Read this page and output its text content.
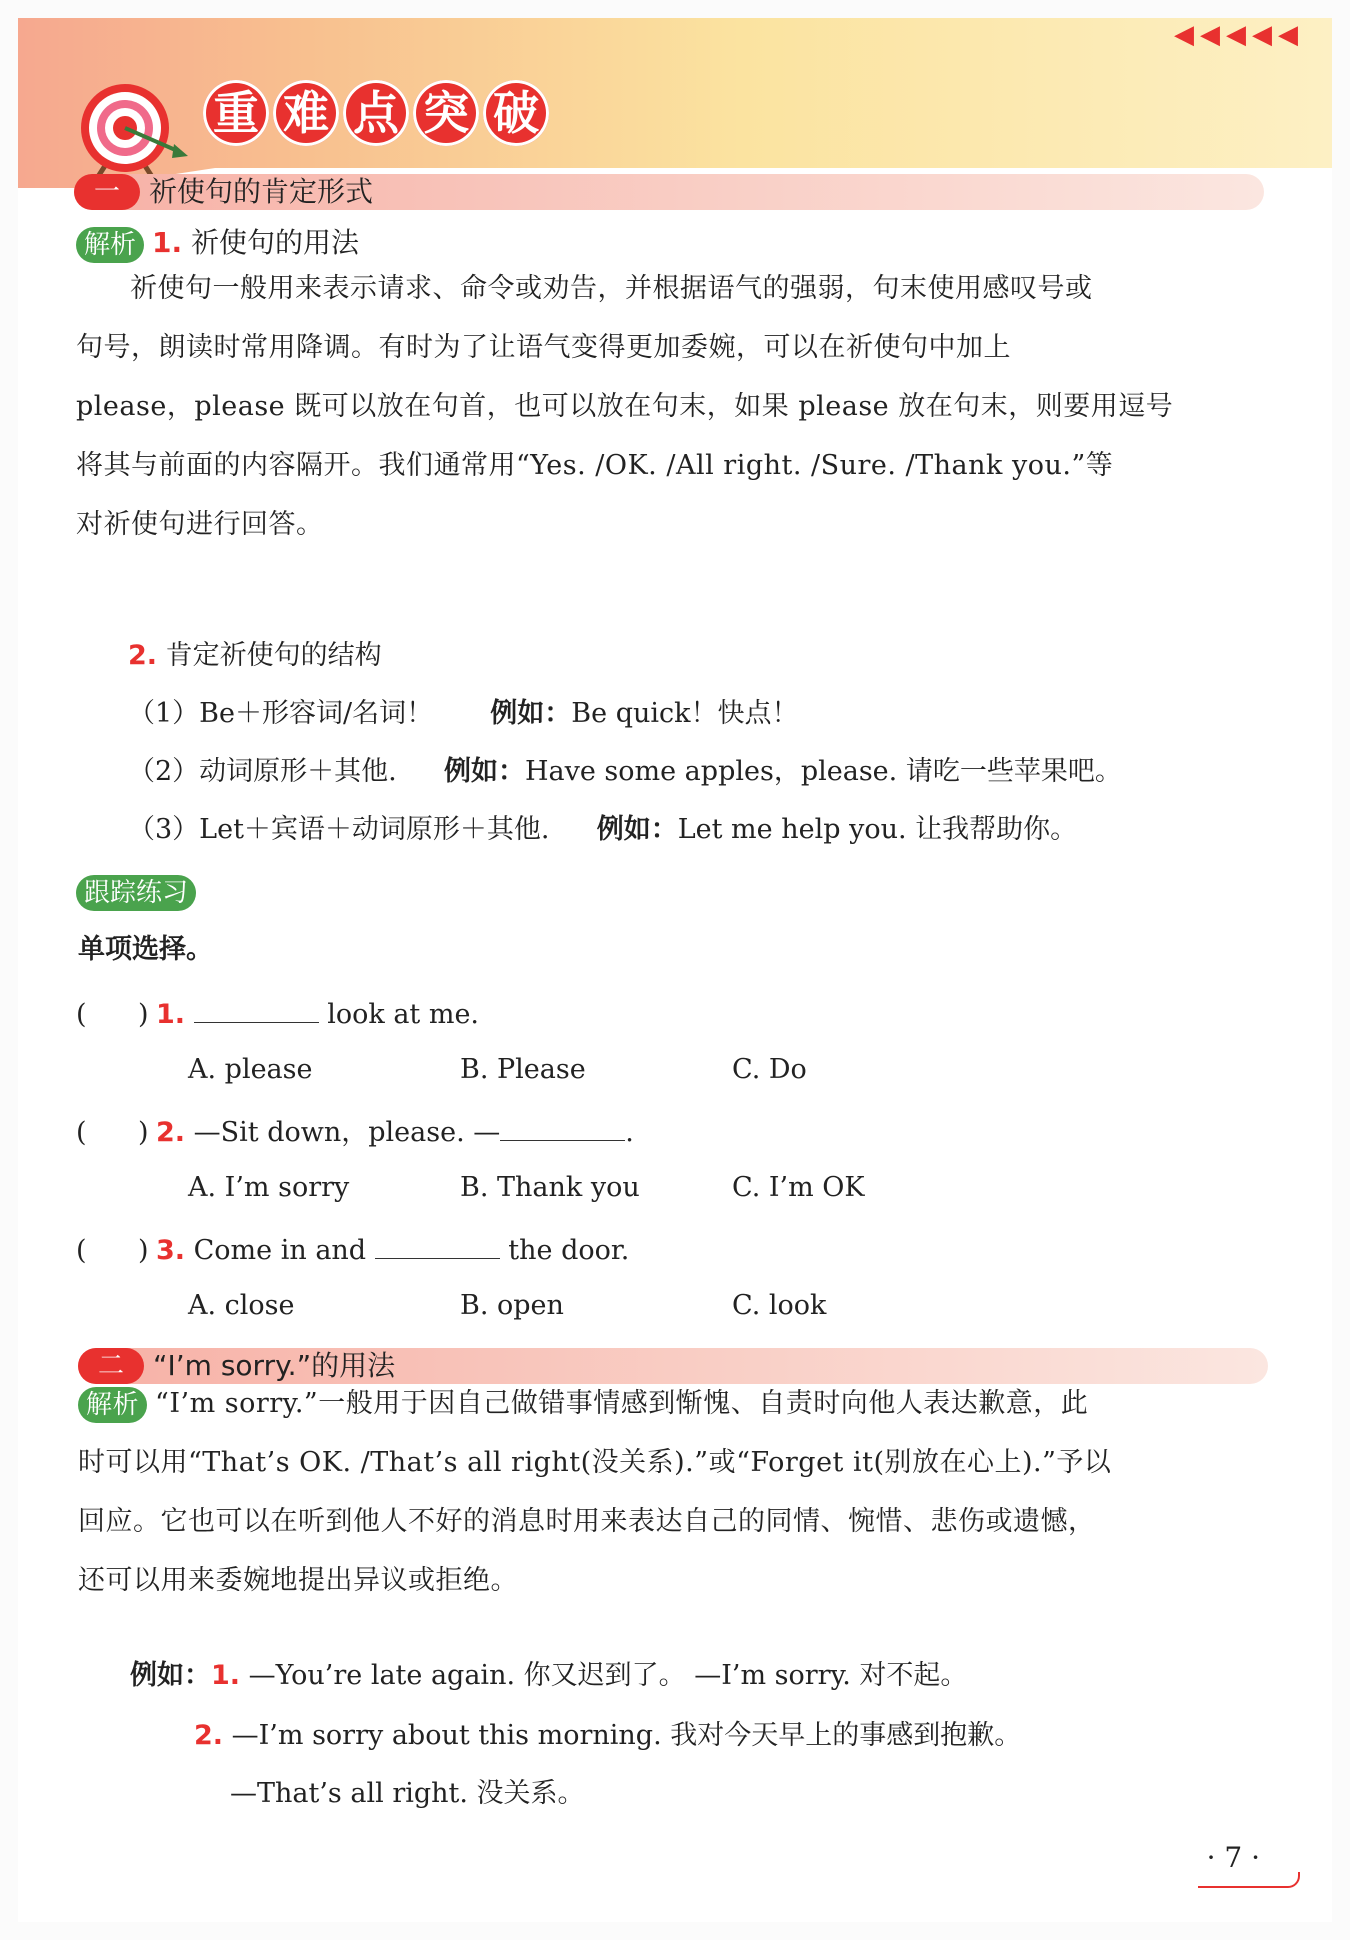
◀◀◀◀◀
重 难 点 突 破
一	祈使句的肯定形式
解析 1. 祈使句的用法
祈使句一般用来表示请求、命令或劝告，并根据语气的强弱，句末使用感叹号或
句号，朗读时常用降调。有时为了让语气变得更加委婉，可以在祈使句中加上
please，please 既可以放在句首，也可以放在句末，如果 please 放在句末，则要用逗号
将其与前面的内容隔开。我们通常用“Yes. /OK. /All right. /Sure. /Thank you.”等
对祈使句进行回答。
2. 肯定祈使句的结构
（1）Be＋形容词/名词！ 例如：Be quick！快点！
（2）动词原形＋其他. 例如：Have some apples，please. 请吃一些苹果吧。
（3）Let＋宾语＋动词原形＋其他. 例如：Let me help you. 让我帮助你。
跟踪练习
单项选择。
(      ) 1.	look at me.
A. please	B. Please	C. Do
(      ) 2. —Sit down，please. —	.
A. I’m sorry	B. Thank you	C. I’m OK
(      ) 3. Come in and	the door.
A. close	B. open	C. look
二	“I’m sorry.”的用法
解析 “I’m sorry.”一般用于因自己做错事情感到惭愧、自责时向他人表达歉意，此
时可以用“That’s OK. /That’s all right(没关系).”或“Forget it(别放在心上).”予以
回应。它也可以在听到他人不好的消息时用来表达自己的同情、惋惜、悲伤或遗憾，
还可以用来委婉地提出异议或拒绝。
例如：1. —You’re late again. 你又迟到了。 —I’m sorry. 对不起。
2. —I’m sorry about this morning. 我对今天早上的事感到抱歉。
—That’s all right. 没关系。
· 7 ·
